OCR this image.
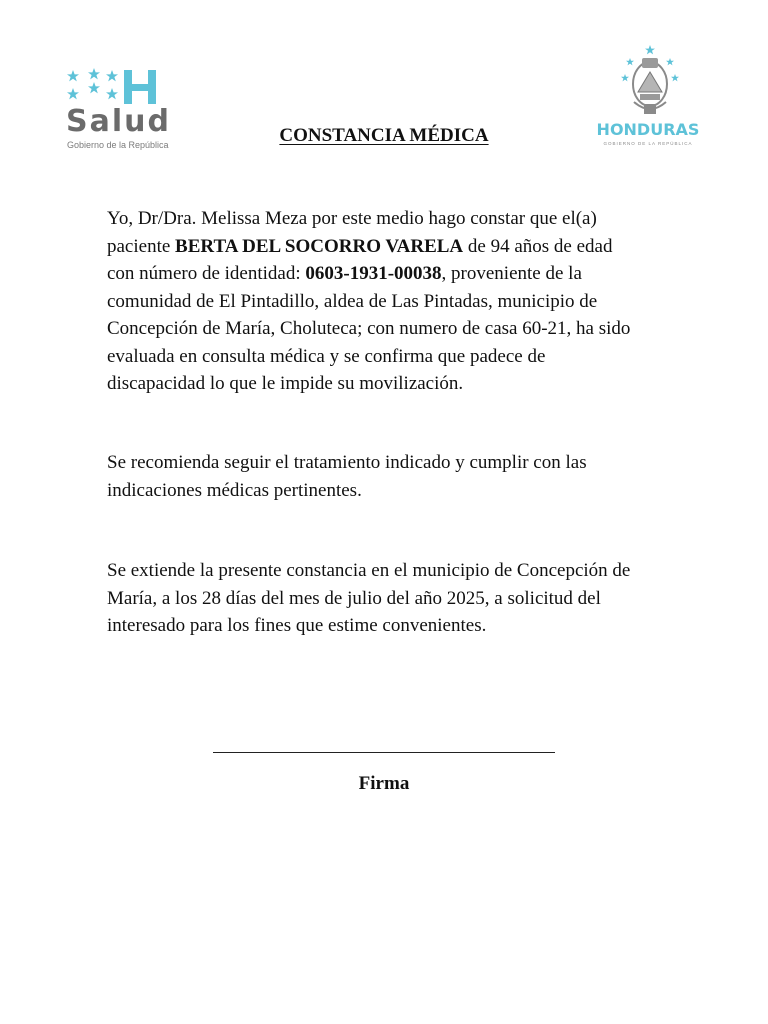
Salud
Gobierno de la República
HONDURAS
GOBIERNO DE LA REPÚBLICA
CONSTANCIA MÉDICA
Yo, Dr/Dra. Melissa Meza por este medio hago constar que el(a)
paciente BERTA DEL SOCORRO VARELA de 94 años de edad
con número de identidad: 0603-1931-00038, proveniente de la
comunidad de El Pintadillo, aldea de Las Pintadas, municipio de
Concepción de María, Choluteca; con numero de casa 60-21, ha sido
evaluada en consulta médica y se confirma que padece de
discapacidad lo que le impide su movilización.
Se recomienda seguir el tratamiento indicado y cumplir con las
indicaciones médicas pertinentes.
Se extiende la presente constancia en el municipio de Concepción de
María, a los 28 días del mes de julio del año 2025, a solicitud del
interesado para los fines que estime convenientes.
Firma
